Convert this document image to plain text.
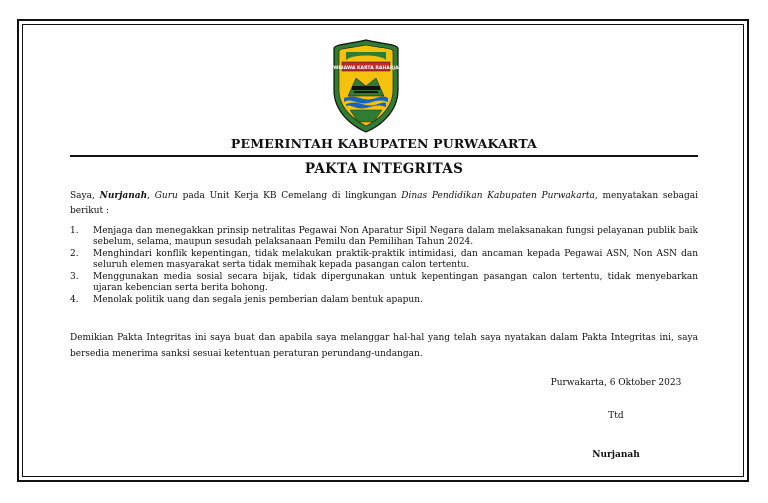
WIBAWA KARTA RAHARJA
PEMERINTAH KABUPATEN PURWAKARTA
PAKTA INTEGRITAS
Saya, Nurjanah, Guru pada Unit Kerja KB Cemelang di lingkungan Dinas Pendidikan Kabupaten Purwakarta, menyatakan sebagai berikut :
1.	Menjaga dan menegakkan prinsip netralitas Pegawai Non Aparatur Sipil Negara dalam melaksanakan fungsi pelayanan publik baik sebelum, selama, maupun sesudah pelaksanaan Pemilu dan Pemilihan Tahun 2024.
2.	Menghindari konflik kepentingan, tidak melakukan praktik-praktik intimidasi, dan ancaman kepada Pegawai ASN, Non ASN dan seluruh elemen masyarakat serta tidak memihak kepada pasangan calon tertentu.
3.	Menggunakan media sosial secara bijak, tidak dipergunakan untuk kepentingan pasangan calon tertentu, tidak menyebarkan ujaran kebencian serta berita bohong.
4.	Menolak politik uang dan segala jenis pemberian dalam bentuk apapun.
Demikian Pakta Integritas ini saya buat dan apabila saya melanggar hal-hal yang telah saya nyatakan dalam Pakta Integritas ini, saya bersedia menerima sanksi sesuai ketentuan peraturan perundang-undangan.
Purwakarta, 6 Oktober 2023
Ttd
Nurjanah
